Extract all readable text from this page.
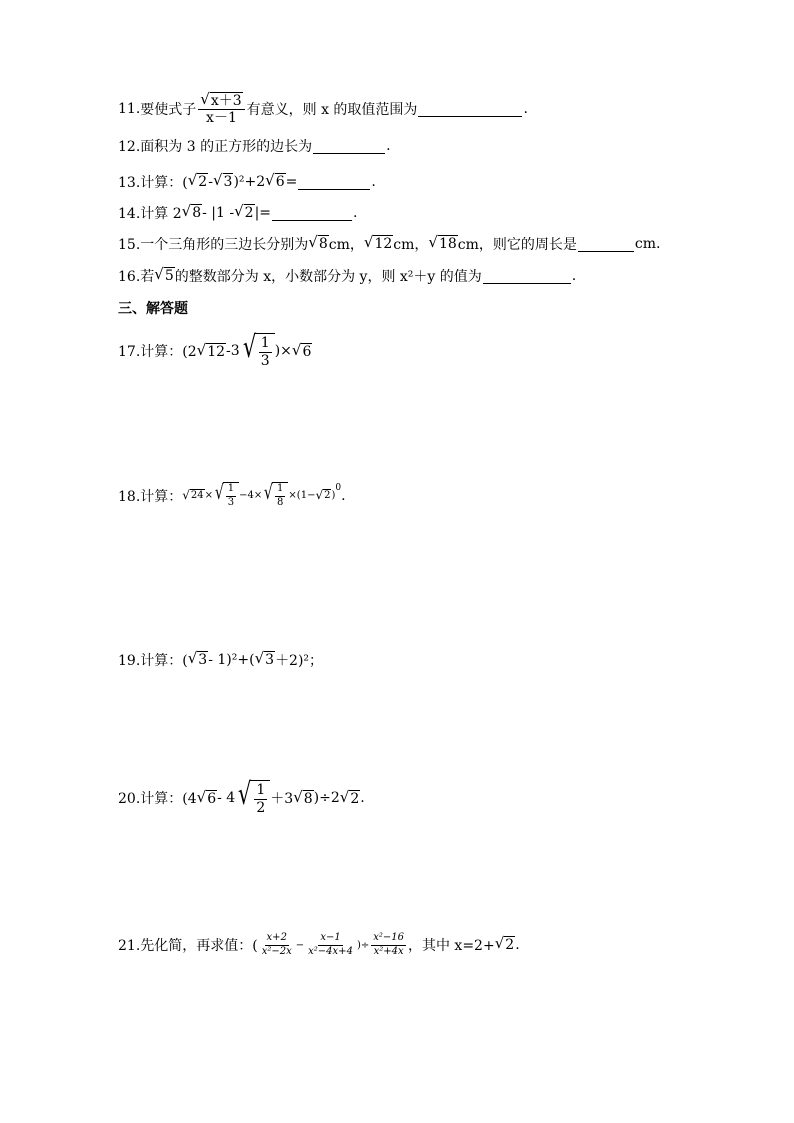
11. 要使式子 $\frac{√ x+3}{x-1}$ 有意义，则 x 的取值范围为	.
12.面积为 3 的正方形的边长为	.
13.计算：( √ 2 - √ 3 )²+2 √ 6 =	.
14.计算 2 √ 8 - |1 - √ 2 |=	.
15.一个三角形的三边长分别为 √ 8 cm， √ 12 cm， √ 18 cm，则它的周长是	cm.
16.若 √ 5 的整数部分为 x，小数部分为 y，则 x²＋y 的值为	.
三、解答题
17.计算：(2 √ 12 -3 √ $\frac{1}{3}$ )× √ 6
18.计算： √ 24 × √ $\frac{1}{3} -4\times$ √ $\frac{1}{8} \times(1-$ √ 2 )
$^0$ .
19.计算：( √ 3 - 1)²+( √ 3 ＋2)²；
20.计算：(4 √ 6 - 4 √ $\frac{1}{2} +3$ √ 8 )÷2 √ 2 .
21.先化简，再求值：( $\frac{x+2}{\text{x²−2x}} - \frac{x-1}{\text{x²−4x+4}}$ )÷ $\frac{\text{x²−16}}{\text{x²+4x}}$ ，其中 x=2+ √ 2 .
